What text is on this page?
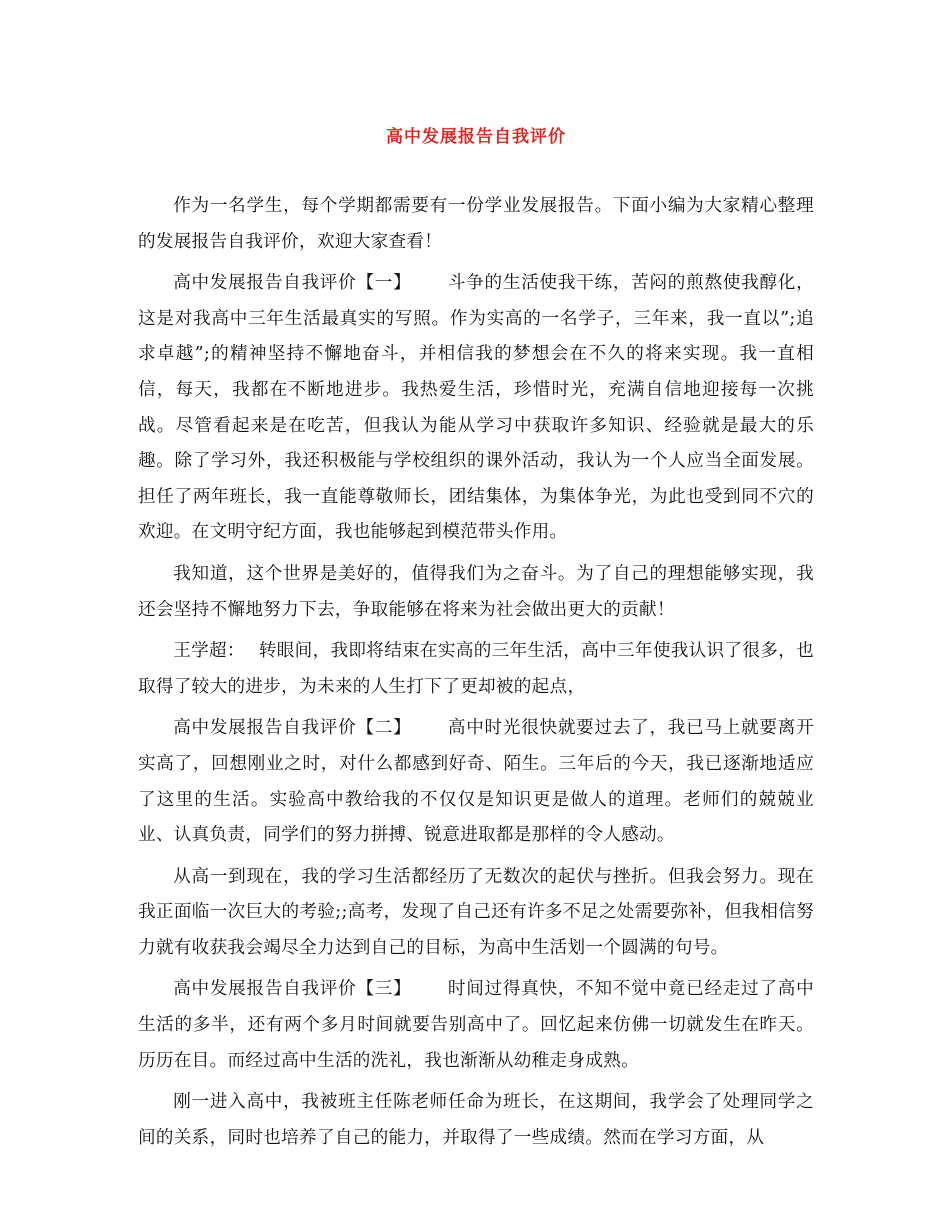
高中发展报告自我评价

作为一名学生，每个学期都需要有一份学业发展报告。下面小编为大家精心整理的发展报告自我评价，欢迎大家查看！

高中发展报告自我评价【一】 斗争的生活使我干练，苦闷的煎熬使我醇化，这是对我高中三年生活最真实的写照。作为实高的一名学子，三年来，我一直以”;追求卓越”;的精神坚持不懈地奋斗，并相信我的梦想会在不久的将来实现。我一直相信，每天，我都在不断地进步。我热爱生活，珍惜时光，充满自信地迎接每一次挑战。尽管看起来是在吃苦，但我认为能从学习中获取许多知识、经验就是最大的乐趣。除了学习外，我还积极能与学校组织的课外活动，我认为一个人应当全面发展。担任了两年班长，我一直能尊敬师长，团结集体，为集体争光，为此也受到同不穴的欢迎。在文明守纪方面，我也能够起到模范带头作用。

我知道，这个世界是美好的，值得我们为之奋斗。为了自己的理想能够实现，我还会坚持不懈地努力下去，争取能够在将来为社会做出更大的贡献！

王学超： 转眼间，我即将结束在实高的三年生活，高中三年使我认识了很多，也取得了较大的进步，为未来的人生打下了更却被的起点，

高中发展报告自我评价【二】 高中时光很快就要过去了，我已马上就要离开实高了，回想刚业之时，对什么都感到好奇、陌生。三年后的今天，我已逐渐地适应了这里的生活。实验高中教给我的不仅仅是知识更是做人的道理。老师们的兢兢业业、认真负责，同学们的努力拼搏、锐意进取都是那样的令人感动。

从高一到现在，我的学习生活都经历了无数次的起伏与挫折。但我会努力。现在我正面临一次巨大的考验;;高考，发现了自己还有许多不足之处需要弥补，但我相信努力就有收获我会竭尽全力达到自己的目标，为高中生活划一个圆满的句号。

高中发展报告自我评价【三】 时间过得真快，不知不觉中竟已经走过了高中生活的多半，还有两个多月时间就要告别高中了。回忆起来仿佛一切就发生在昨天。历历在目。而经过高中生活的洗礼，我也渐渐从幼稚走身成熟。

刚一进入高中，我被班主任陈老师任命为班长，在这期间，我学会了处理同学之间的关系，同时也培养了自己的能力，并取得了一些成绩。然而在学习方面，从
